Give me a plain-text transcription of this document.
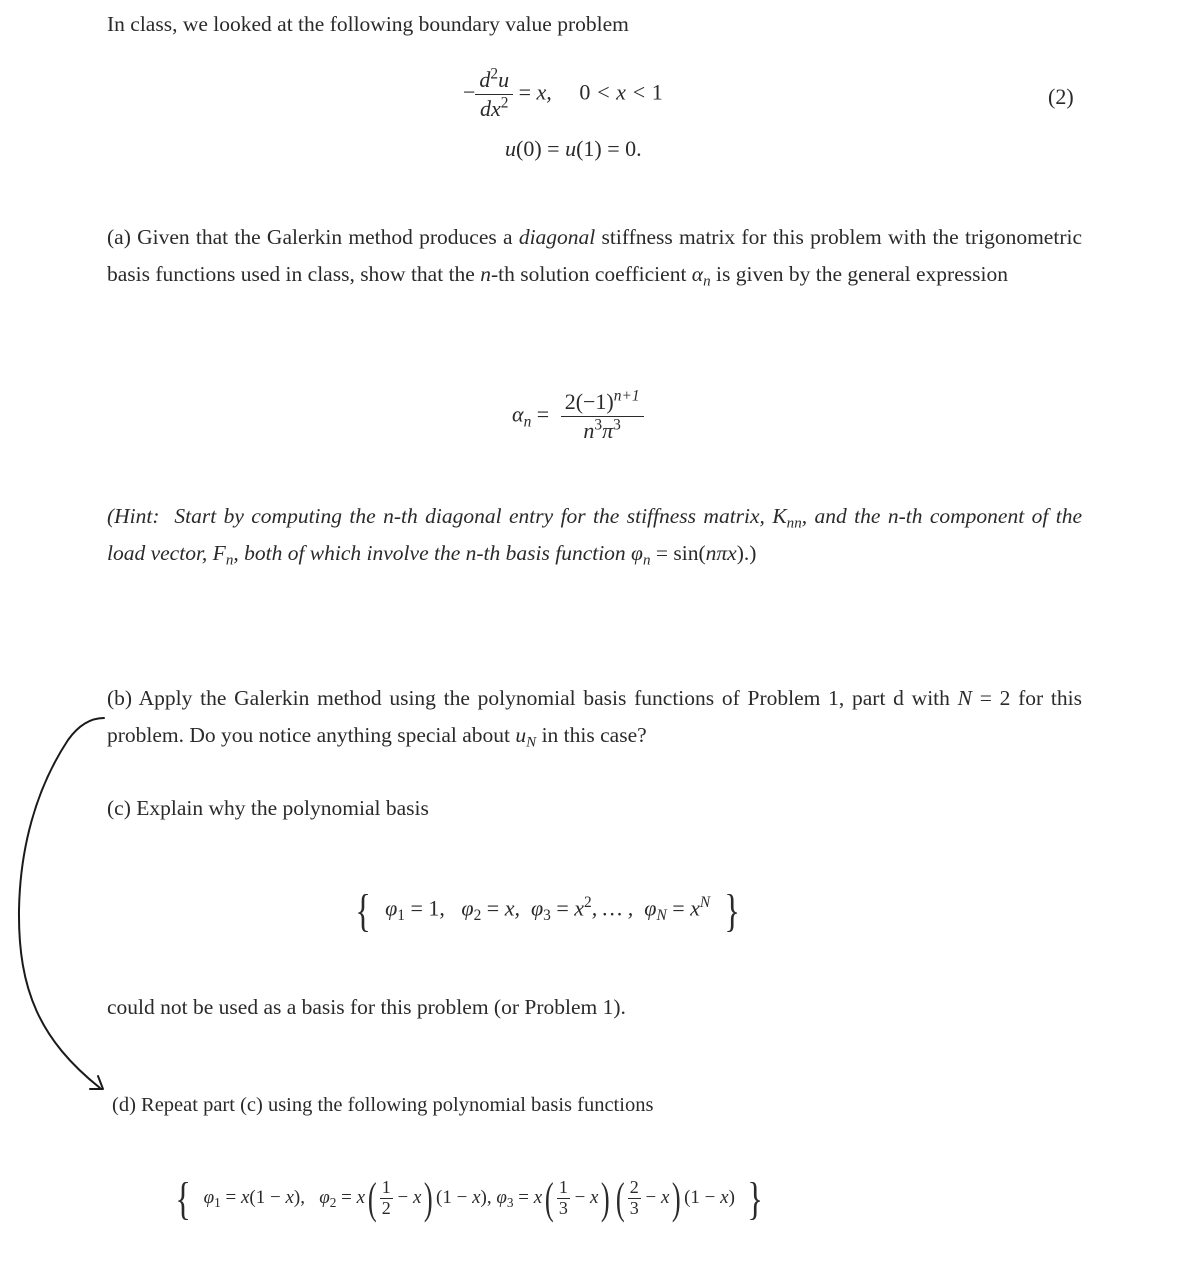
In class, we looked at the following boundary value problem
− $\frac{d^2u}{dx^2} = x$,     0 < x < 1
u(0) = u(1) = 0.
(2)
(a) Given that the Galerkin method produces a diagonal stiffness matrix for this problem with the trigonometric basis functions used in class, show that the n-th solution coefficient $\alpha_n$ is given by the general expression
$\alpha_n = \frac{2(-1)^{n+1}}{n^3\pi^3}$
(Hint:  Start by computing the n-th diagonal entry for the stiffness matrix, $K_{nn}$, and the n-th component of the load vector, $F_n$, both of which involve the n-th basis function $\varphi_n = \sin(n\pi x)$.)
(b) Apply the Galerkin method using the polynomial basis functions of Problem 1, part d with N = 2 for this problem. Do you notice anything special about $u_N$ in this case?
(c) Explain why the polynomial basis
{  $\varphi_1 = 1$,   $\varphi_2 = x$,  $\varphi_3 = x^2$, … ,  $\varphi_N = x^N$ }
could not be used as a basis for this problem (or Problem 1).
(d) Repeat part (c) using the following polynomial basis functions
{  $\varphi_1 = x(1 - x)$,   $\varphi_2 = x( \frac{1}{2} - x) (1 - x)$, $\varphi_3 = x( \frac{1}{3} - x)$ ( $\frac{2}{3} - x$) (1 − x) }
